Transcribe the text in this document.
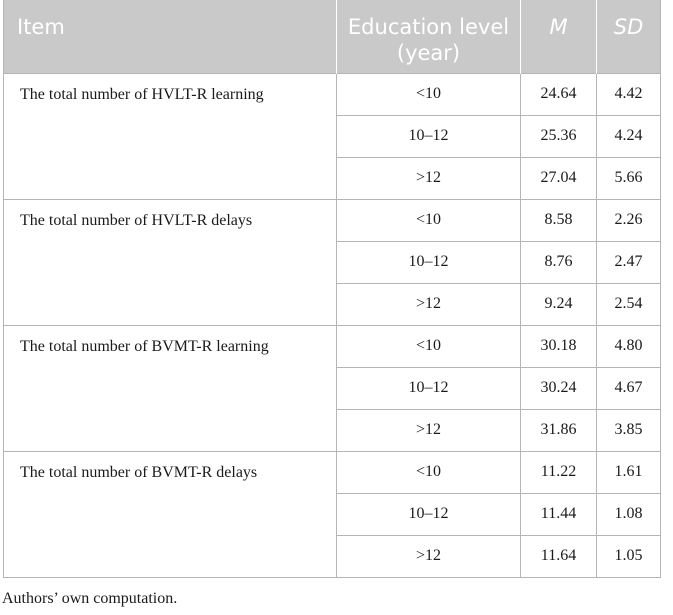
Item	Education level (year)	M	SD
The total number of HVLT-R learning	<10	24.64	4.42
	10–12	25.36	4.24
	>12	27.04	5.66
The total number of HVLT-R delays	<10	8.58	2.26
	10–12	8.76	2.47
	>12	9.24	2.54
The total number of BVMT-R learning	<10	30.18	4.80
	10–12	30.24	4.67
	>12	31.86	3.85
The total number of BVMT-R delays	<10	11.22	1.61
	10–12	11.44	1.08
	>12	11.64	1.05
Authors’ own computation.
